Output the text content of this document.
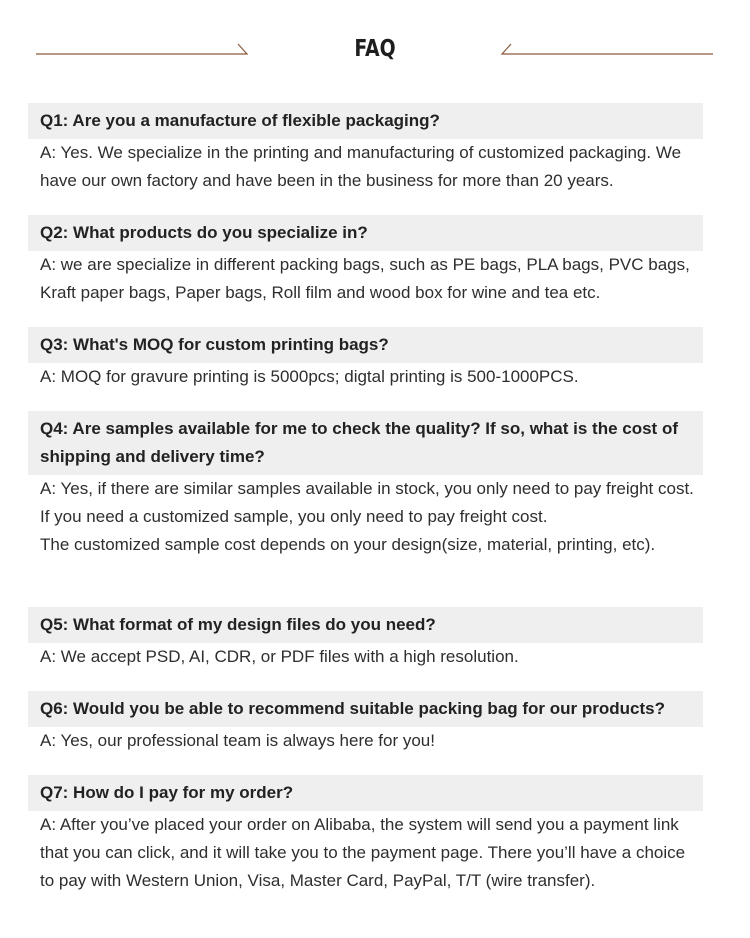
FAQ
Q1: Are you a manufacture of flexible packaging?

A: Yes. We specialize in the printing and manufacturing of customized packaging. We have our own factory and have been in the business for more than 20 years.

Q2: What products do you specialize in?

A: we are specialize in different packing bags, such as PE bags, PLA bags, PVC bags, Kraft paper bags, Paper bags, Roll film and wood box for wine and tea etc.

Q3: What's MOQ for custom printing bags?

A: MOQ for gravure printing is 5000pcs; digtal printing is 500-1000PCS.

Q4: Are samples available for me to check the quality? If so, what is the cost of shipping and delivery time?

A: Yes, if there are similar samples available in stock, you only need to pay freight cost.

If you need a customized sample, you only need to pay freight cost.

The customized sample cost depends on your design(size, material, printing, etc).

Q5: What format of my design files do you need?

A: We accept PSD, AI, CDR, or PDF files with a high resolution.

Q6: Would you be able to recommend suitable packing bag for our products?

A: Yes, our professional team is always here for you!

Q7: How do I pay for my order?

A: After you’ve placed your order on Alibaba, the system will send you a payment link that you can click, and it will take you to the payment page. There you’ll have a choice to pay with Western Union, Visa, Master Card, PayPal, T/T (wire transfer).
